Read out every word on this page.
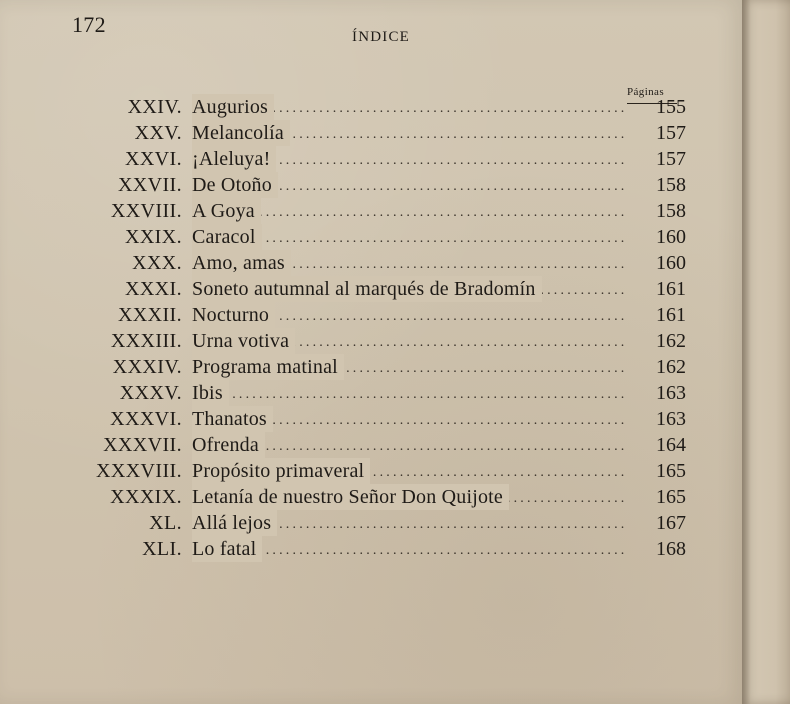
172	ÍNDICE
Páginas
XXIV. ..... Augurios	155
XXV. ..... Melancolía	157
XXVI. ..... ¡Aleluya!	157
XXVII. ..... De Otoño	158
XXVIII. ..... A Goya	158
XXIX. ..... Caracol	160
XXX. ..... Amo, amas	160
XXXI. ..... Soneto autumnal al marqués de Bradomín	161
XXXII. ..... Nocturno	161
XXXIII. ..... Urna votiva	162
XXXIV. ..... Programa matinal	162
XXXV. ..... Ibis	163
XXXVI. ..... Thanatos	163
XXXVII. ..... Ofrenda	164
XXXVIII. ..... Propósito primaveral	165
XXXIX. ..... Letanía de nuestro Señor Don Quijote	165
XL. ..... Allá lejos	167
XLI. ..... Lo fatal	168
